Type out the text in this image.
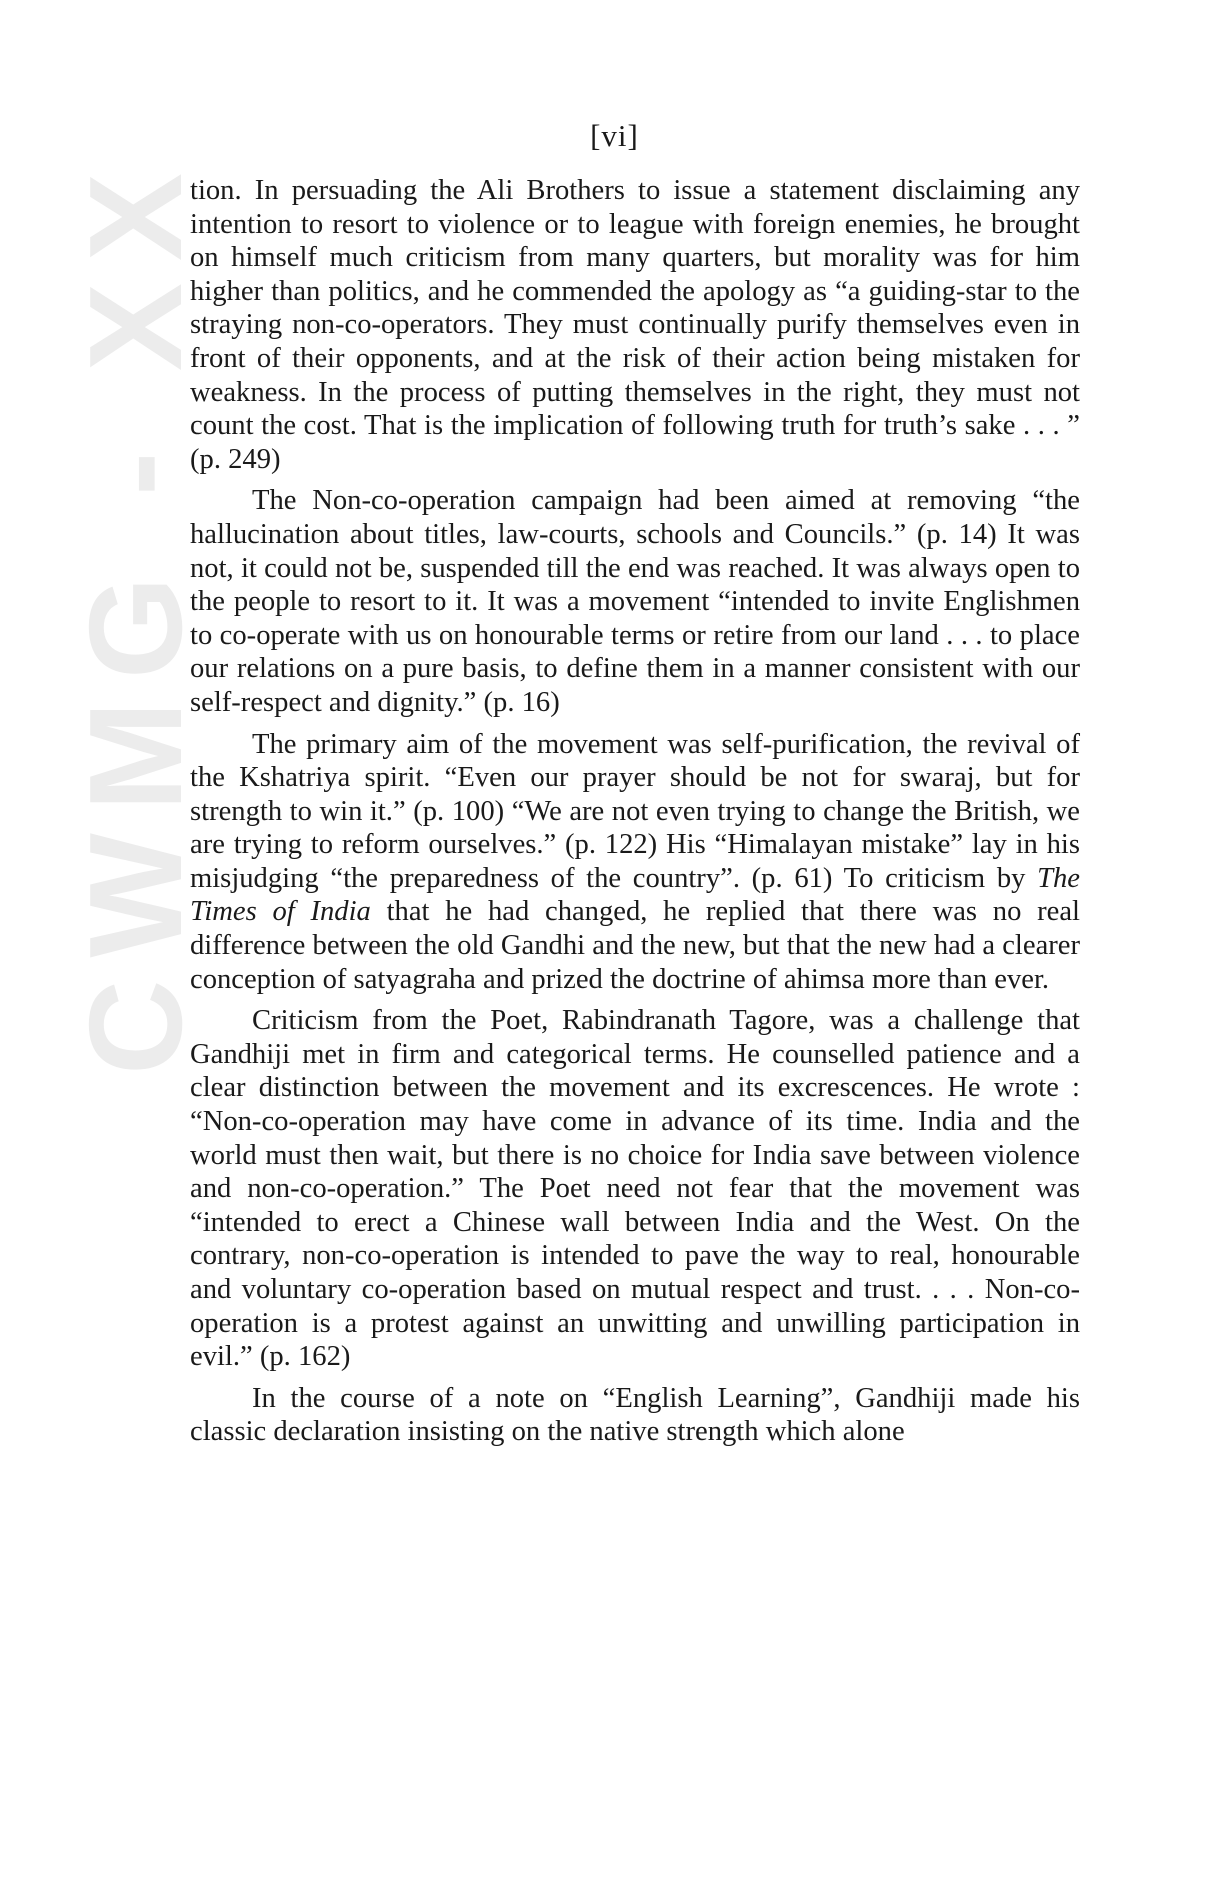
CWMG - XX
[vi]

tion. In persuading the Ali Brothers to issue a statement disclaiming any intention to resort to violence or to league with foreign enemies, he brought on himself much criticism from many quarters, but morality was for him higher than politics, and he commended the apology as “a guiding-star to the straying non-co-operators. They must continually purify themselves even in front of their opponents, and at the risk of their action being mistaken for weakness. In the process of putting themselves in the right, they must not count the cost. That is the implication of following truth for truth’s sake . . . ” (p. 249)

The Non-co-operation campaign had been aimed at removing “the hallucination about titles, law-courts, schools and Councils.” (p. 14) It was not, it could not be, suspended till the end was reached. It was always open to the people to resort to it. It was a movement “intended to invite Englishmen to co-operate with us on honourable terms or retire from our land . . . to place our relations on a pure basis, to define them in a manner consistent with our self-respect and dignity.” (p. 16)

The primary aim of the movement was self-purification, the revival of the Kshatriya spirit. “Even our prayer should be not for swaraj, but for strength to win it.” (p. 100) “We are not even trying to change the British, we are trying to reform ourselves.” (p. 122) His “Himalayan mistake” lay in his misjudging “the preparedness of the country”. (p. 61) To criticism by The Times of India that he had changed, he replied that there was no real difference between the old Gandhi and the new, but that the new had a clearer conception of satyagraha and prized the doctrine of ahimsa more than ever.

Criticism from the Poet, Rabindranath Tagore, was a challenge that Gandhiji met in firm and categorical terms. He counselled patience and a clear distinction between the movement and its excrescences. He wrote : “Non-co-operation may have come in advance of its time. India and the world must then wait, but there is no choice for India save between violence and non-co-operation.” The Poet need not fear that the movement was “intended to erect a Chinese wall between India and the West. On the contrary, non-co-operation is intended to pave the way to real, honourable and voluntary co-operation based on mutual respect and trust. . . . Non-co-operation is a protest against an unwitting and unwilling participation in evil.” (p. 162)

In the course of a note on “English Learning”, Gandhiji made his classic declaration insisting on the native strength which alone
